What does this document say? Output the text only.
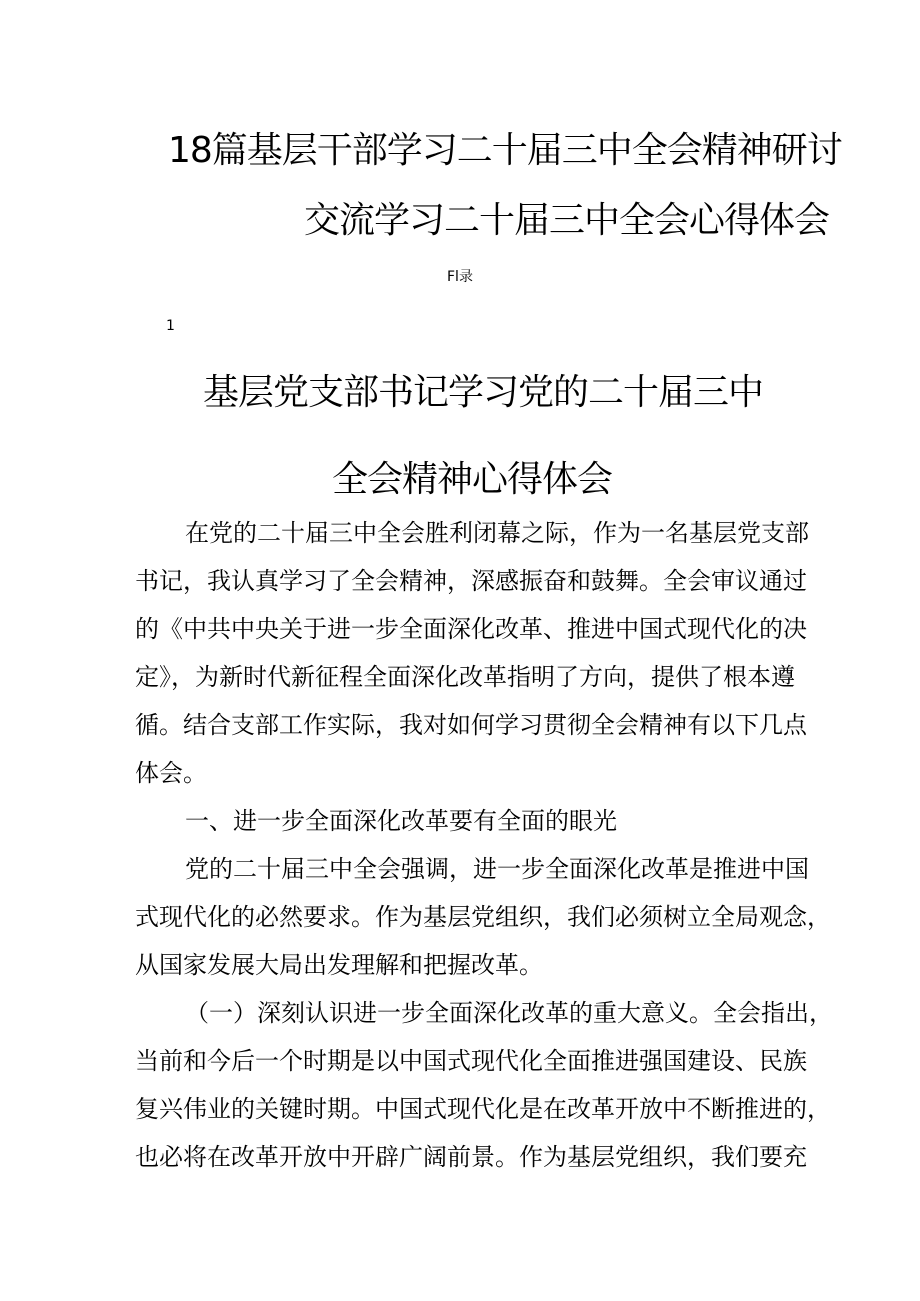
18篇基层干部学习二十届三中全会精神研讨
交流学习二十届三中全会心得体会
Fl录
1
基层党支部书记学习党的二十届三中
全会精神心得体会
在党的二十届三中全会胜利闭幕之际，作为一名基层党支部
书记，我认真学习了全会精神，深感振奋和鼓舞。全会审议通过
的《中共中央关于进一步全面深化改革、推进中国式现代化的决
定》，为新时代新征程全面深化改革指明了方向，提供了根本遵
循。结合支部工作实际，我对如何学习贯彻全会精神有以下几点
体会。
一、进一步全面深化改革要有全面的眼光
党的二十届三中全会强调，进一步全面深化改革是推进中国
式现代化的必然要求。作为基层党组织，我们必须树立全局观念，
从国家发展大局出发理解和把握改革。
（一）深刻认识进一步全面深化改革的重大意义。全会指出，
当前和今后一个时期是以中国式现代化全面推进强国建设、民族
复兴伟业的关键时期。中国式现代化是在改革开放中不断推进的，
也必将在改革开放中开辟广阔前景。作为基层党组织，我们要充
